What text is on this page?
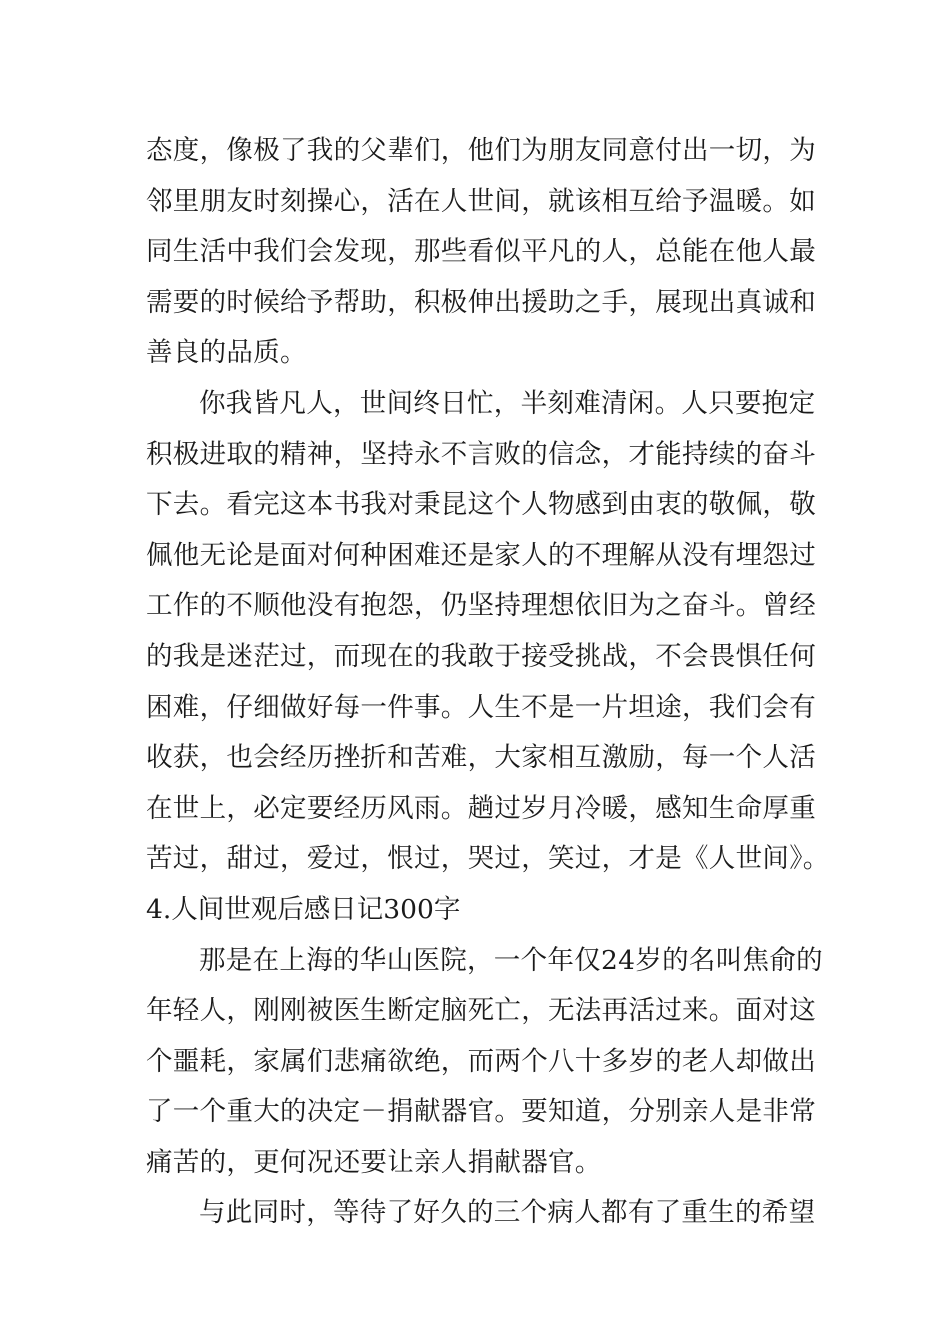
态度，像极了我的父辈们，他们为朋友同意付出一切，为
邻里朋友时刻操心，活在人世间，就该相互给予温暖。如
同生活中我们会发现，那些看似平凡的人，总能在他人最
需要的时候给予帮助，积极伸出援助之手，展现出真诚和
善良的品质。
你我皆凡人，世间终日忙，半刻难清闲。人只要抱定
积极进取的精神，坚持永不言败的信念，才能持续的奋斗
下去。看完这本书我对秉昆这个人物感到由衷的敬佩，敬
佩他无论是面对何种困难还是家人的不理解从没有埋怨过
工作的不顺他没有抱怨，仍坚持理想依旧为之奋斗。曾经
的我是迷茫过，而现在的我敢于接受挑战，不会畏惧任何
困难，仔细做好每一件事。人生不是一片坦途，我们会有
收获，也会经历挫折和苦难，大家相互激励，每一个人活
在世上，必定要经历风雨。趟过岁月冷暖，感知生命厚重
苦过，甜过，爱过，恨过，哭过，笑过，才是《人世间》。
4.人间世观后感日记300字
那是在上海的华山医院，一个年仅24岁的名叫焦俞的
年轻人，刚刚被医生断定脑死亡，无法再活过来。面对这
个噩耗，家属们悲痛欲绝，而两个八十多岁的老人却做出
了一个重大的决定－捐献器官。要知道，分别亲人是非常
痛苦的，更何况还要让亲人捐献器官。
与此同时，等待了好久的三个病人都有了重生的希望
